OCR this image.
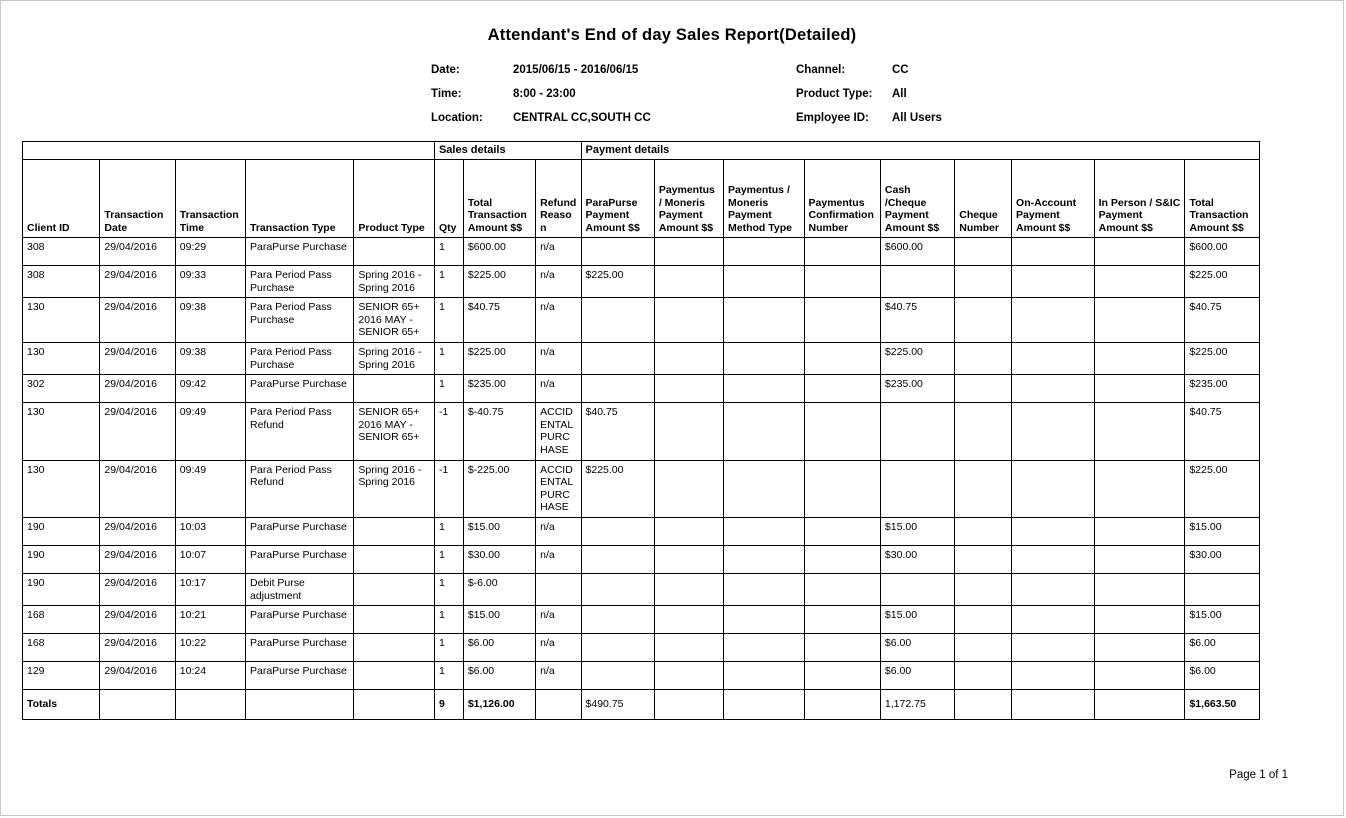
Attendant's End of day Sales Report(Detailed)
Date:	2015/06/15 - 2016/06/15
Time:	8:00 - 23:00
Location:	CENTRAL CC,SOUTH CC
Channel:	CC
Product Type: All
Employee ID: All Users
					Sales details			Payment details								
Client ID	Transaction Date	Transaction Time	Transaction Type	Product Type	Qty	Total Transaction Amount $$	Refund Reason	ParaPurse Payment Amount $$	Paymentus / Moneris Payment Amount $$	Paymentus / Moneris Payment Method Type	Paymentus Confirmation Number	Cash /Cheque Payment Amount $$	Cheque Number	On-Account Payment Amount $$	In Person / S&IC Payment Amount $$	Total Transaction Amount $$
308	29/04/2016	09:29	ParaPurse Purchase		1	$600.00	n/a					$600.00				$600.00
308	29/04/2016	09:33	Para Period Pass Purchase	Spring 2016 - Spring 2016	1	$225.00	n/a	$225.00								$225.00
130	29/04/2016	09:38	Para Period Pass Purchase	SENIOR 65+ 2016 MAY - SENIOR 65+	1	$40.75	n/a					$40.75				$40.75
130	29/04/2016	09:38	Para Period Pass Purchase	Spring 2016 - Spring 2016	1	$225.00	n/a					$225.00				$225.00
302	29/04/2016	09:42	ParaPurse Purchase		1	$235.00	n/a					$235.00				$235.00
130	29/04/2016	09:49	Para Period Pass Refund	SENIOR 65+ 2016 MAY - SENIOR 65+	-1	$-40.75	ACCIDENTAL PURCHASE	$40.75								$40.75
130	29/04/2016	09:49	Para Period Pass Refund	Spring 2016 - Spring 2016	-1	$-225.00	ACCIDENTAL PURCHASE	$225.00								$225.00
190	29/04/2016	10:03	ParaPurse Purchase		1	$15.00	n/a					$15.00				$15.00
190	29/04/2016	10:07	ParaPurse Purchase		1	$30.00	n/a					$30.00				$30.00
190	29/04/2016	10:17	Debit Purse adjustment		1	$-6.00										
168	29/04/2016	10:21	ParaPurse Purchase		1	$15.00	n/a					$15.00				$15.00
168	29/04/2016	10:22	ParaPurse Purchase		1	$6.00	n/a					$6.00				$6.00
129	29/04/2016	10:24	ParaPurse Purchase		1	$6.00	n/a					$6.00				$6.00
Totals					9	$1,126.00		$490.75				1,172.75				$1,663.50
Page 1 of 1
